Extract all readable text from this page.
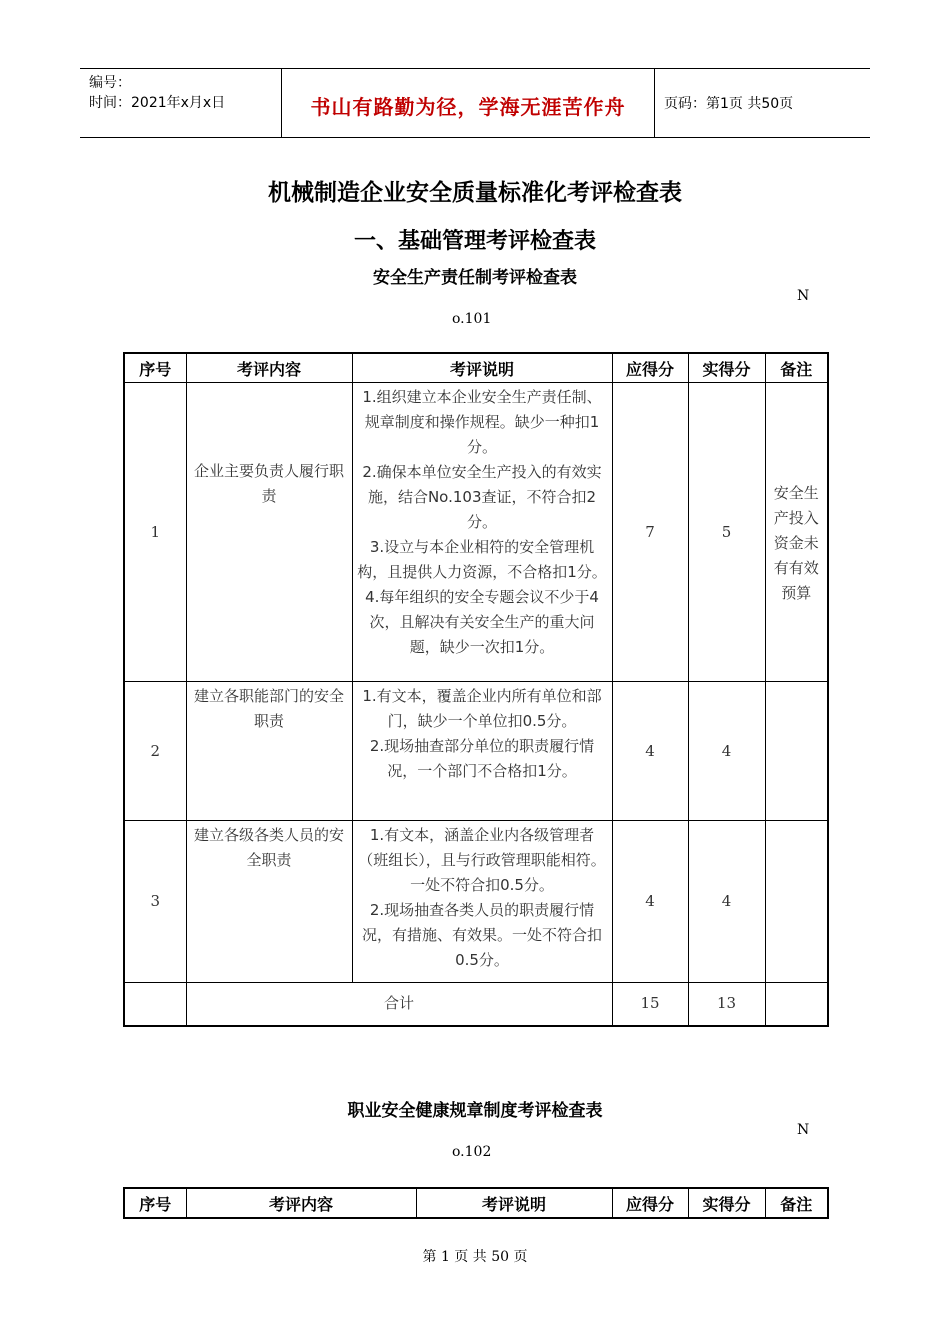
编号：
时间：2021年x月x日	书山有路勤为径，学海无涯苦作舟	页码：第1页 共50页
机械制造企业安全质量标准化考评检查表
一、基础管理考评检查表
安全生产责任制考评检查表
N
o.101
序号	考评内容	考评说明	应得分	实得分	备注
1	企业主要负责人履行职责	1.组织建立本企业安全生产责任制、规章制度和操作规程。缺少一种扣1分。
2.确保本单位安全生产投入的有效实施，结合No.103查证，不符合扣2分。
3.设立与本企业相符的安全管理机构，且提供人力资源，不合格扣1分。
4.每年组织的安全专题会议不少于4次，且解决有关安全生产的重大问题，缺少一次扣1分。	7	5	安全生产投入资金未有有效预算
2	建立各职能部门的安全职责	1.有文本，覆盖企业内所有单位和部门，缺少一个单位扣0.5分。
2.现场抽查部分单位的职责履行情况，一个部门不合格扣1分。	4	4	
3	建立各级各类人员的安全职责	1.有文本，涵盖企业内各级管理者（班组长），且与行政管理职能相符。一处不符合扣0.5分。
2.现场抽查各类人员的职责履行情况，有措施、有效果。一处不符合扣0.5分。	4	4	
	合计		15	13	
职业安全健康规章制度考评检查表
N
o.102
序号	考评内容	考评说明	应得分	实得分	备注
第 1 页 共 50 页
